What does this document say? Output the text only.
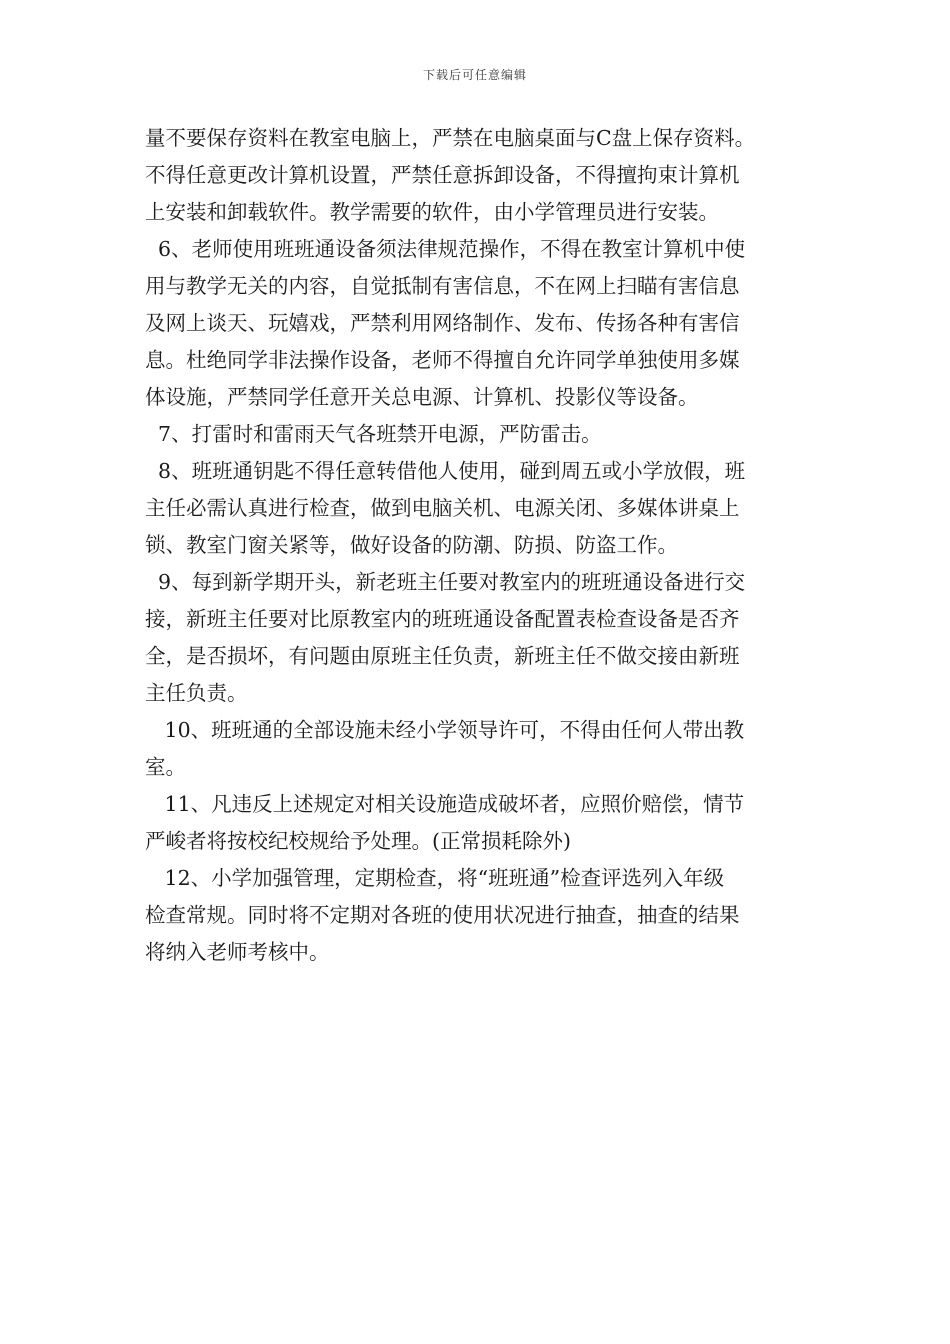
下载后可任意编辑
量不要保存资料在教室电脑上，严禁在电脑桌面与C盘上保存资料。
不得任意更改计算机设置，严禁任意拆卸设备，不得擅拘束计算机
上安装和卸载软件。教学需要的软件，由小学管理员进行安装。
6、老师使用班班通设备须法律规范操作，不得在教室计算机中使
用与教学无关的内容，自觉抵制有害信息，不在网上扫瞄有害信息
及网上谈天、玩嬉戏，严禁利用网络制作、发布、传扬各种有害信
息。杜绝同学非法操作设备，老师不得擅自允许同学单独使用多媒
体设施，严禁同学任意开关总电源、计算机、投影仪等设备。
7、打雷时和雷雨天气各班禁开电源，严防雷击。
8、班班通钥匙不得任意转借他人使用，碰到周五或小学放假，班
主任必需认真进行检查，做到电脑关机、电源关闭、多媒体讲桌上
锁、教室门窗关紧等，做好设备的防潮、防损、防盗工作。
9、每到新学期开头，新老班主任要对教室内的班班通设备进行交
接，新班主任要对比原教室内的班班通设备配置表检查设备是否齐
全，是否损坏，有问题由原班主任负责，新班主任不做交接由新班
主任负责。
10、班班通的全部设施未经小学领导许可，不得由任何人带出教
室。
11、凡违反上述规定对相关设施造成破坏者，应照价赔偿，情节
严峻者将按校纪校规给予处理。(正常损耗除外)
12、小学加强管理，定期检查，将“班班通”检查评选列入年级
检查常规。同时将不定期对各班的使用状况进行抽查，抽查的结果
将纳入老师考核中。
